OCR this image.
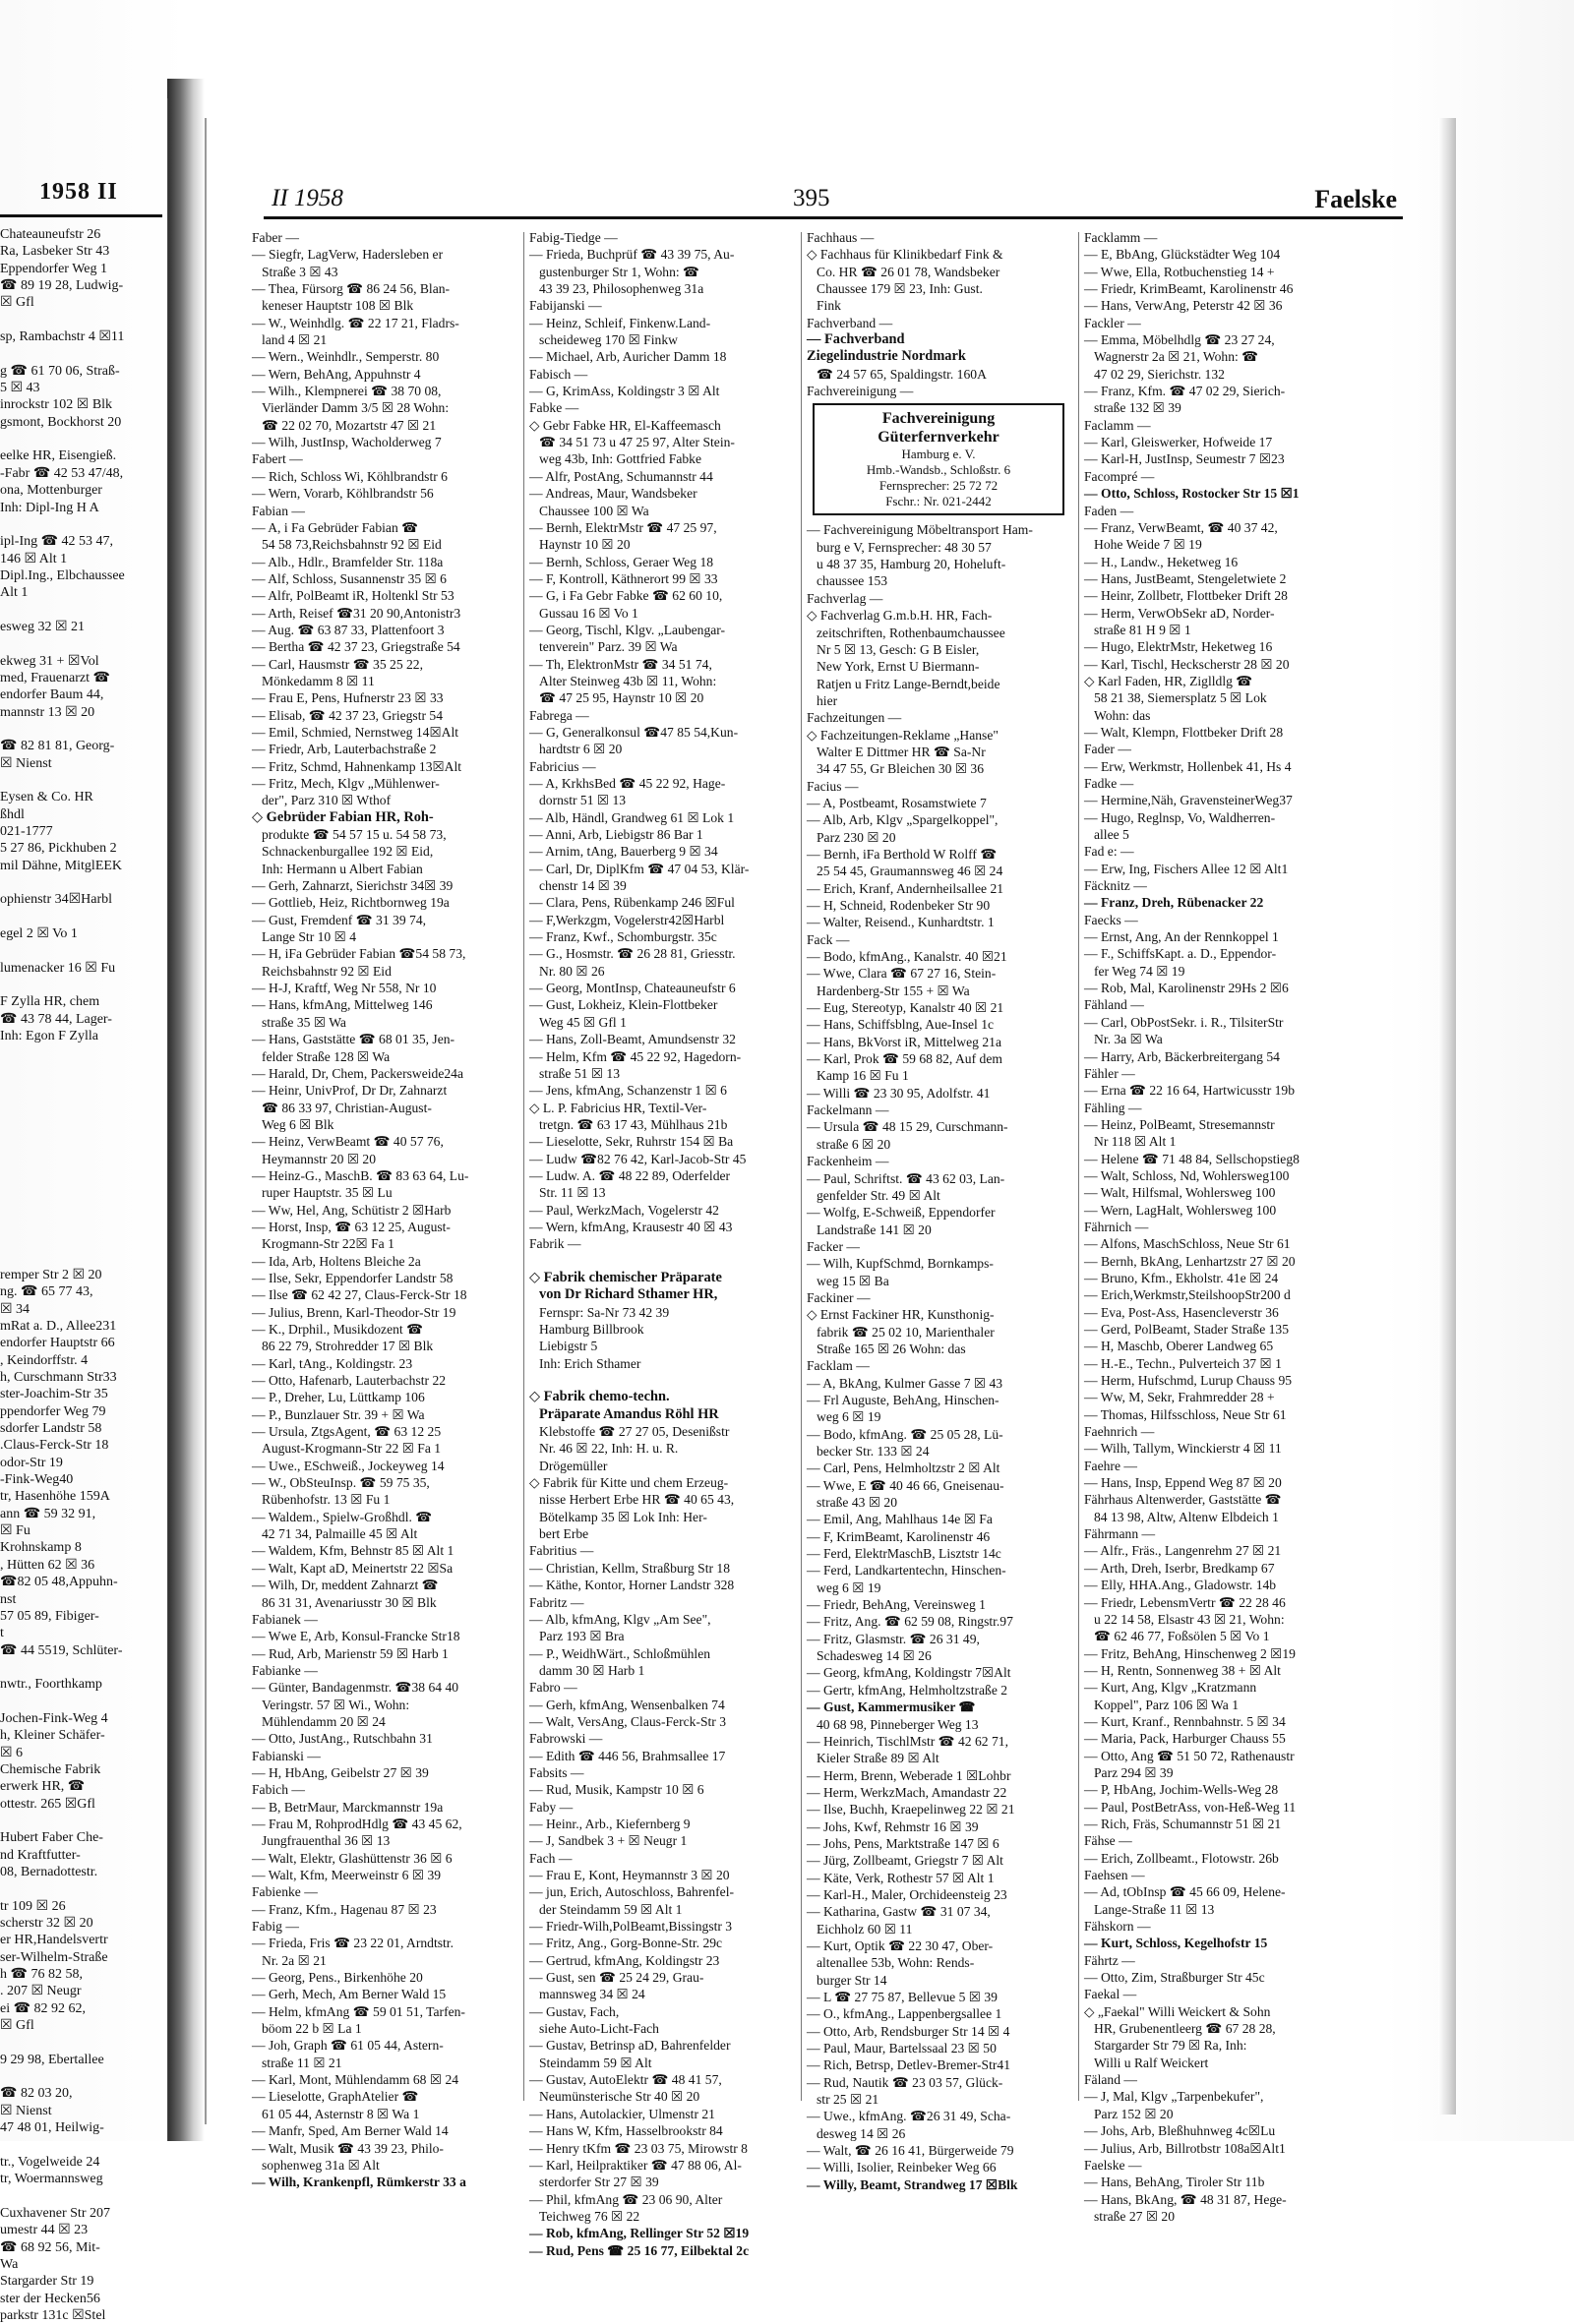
1958 II
Chateauneufstr 26
Ra, Lasbeker Str 43
Eppendorfer Weg 1
☎ 89 19 28, Ludwig-
☒ Gfl
sp, Rambachstr 4 ☒11
g ☎ 61 70 06, Straß-
5 ☒ 43
inrockstr 102 ☒ Blk
gsmont, Bockhorst 20
eelke HR, Eisengieß.
-Fabr ☎ 42 53 47/48,
ona, Mottenburger
Inh: Dipl-Ing H A
ipl-Ing ☎ 42 53 47,
146 ☒ Alt 1
Dipl.Ing., Elbchaussee
Alt 1
esweg 32 ☒ 21
ekweg 31 + ☒Vol
med, Frauenarzt ☎
endorfer Baum 44,
mannstr 13 ☒ 20
☎ 82 81 81, Georg-
☒ Nienst
Eysen & Co. HR
ßhdl
021-1777
5 27 86, Pickhuben 2
mil Dähne, MitglEEK
ophienstr 34☒Harbl
egel 2 ☒ Vo 1
lumenacker 16 ☒ Fu
F Zylla HR, chem
☎ 43 78 44, Lager-
Inh: Egon F Zylla
remper Str 2 ☒ 20
ng. ☎ 65 77 43,
☒ 34
mRat a. D., Allee231
endorfer Hauptstr 66
, Keindorffstr. 4
h, Curschmann Str33
ster-Joachim-Str 35
ppendorfer Weg 79
sdorfer Landstr 58
.Claus-Ferck-Str 18
odor-Str 19
-Fink-Weg40
tr, Hasenhöhe 159A
ann ☎ 59 32 91,
☒ Fu
Krohnskamp 8
, Hütten 62 ☒ 36
☎82 05 48,Appuhn-
nst
57 05 89, Fibiger-
t
☎ 44 5519, Schlüter-
nwtr., Foorthkamp
Jochen-Fink-Weg 4
h, Kleiner Schäfer-
☒ 6
Chemische Fabrik
erwerk HR, ☎
ottestr. 265 ☒Gfl
Hubert Faber Che-
nd Kraftfutter-
08, Bernadottestr.
tr 109 ☒ 26
scherstr 32 ☒ 20
er HR,Handelsvertr
ser-Wilhelm-Straße
h ☎ 76 82 58,
. 207 ☒ Neugr
ei ☎ 82 92 62,
☒ Gfl
9 29 98, Ebertallee
☎ 82 03 20,
☒ Nienst
47 48 01, Heilwig-
tr., Vogelweide 24
tr, Woermannsweg
Cuxhavener Str 207
umestr 44 ☒ 23
☎ 68 92 56, Mit-
Wa
Stargarder Str 19
ster der Hecken56
parkstr 131c ☒Stel
II 1958	395	Faelske
Faber —
— Siegfr, LagVerw, Hadersleben er
Straße 3 ☒ 43
— Thea, Fürsorg ☎ 86 24 56, Blan-
keneser Hauptstr 108 ☒ Blk
— W., Weinhdlg. ☎ 22 17 21, Fladrs-
land 4 ☒ 21
— Wern., Weinhdlr., Semperstr. 80
— Wern, BehAng, Appuhnstr 4
— Wilh., Klempnerei ☎ 38 70 08,
Vierländer Damm 3/5 ☒ 28 Wohn:
☎ 22 02 70, Mozartstr 47 ☒ 21
— Wilh, JustInsp, Wacholderweg 7
Fabert —
— Rich, Schloss Wi, Köhlbrandstr 6
— Wern, Vorarb, Köhlbrandstr 56
Fabian —
— A, i Fa Gebrüder Fabian ☎
54 58 73,Reichsbahnstr 92 ☒ Eid
— Alb., Hdlr., Bramfelder Str. 118a
— Alf, Schloss, Susannenstr 35 ☒ 6
— Alfr, PolBeamt iR, Holtenkl Str 53
— Arth, Reisef ☎31 20 90,Antonistr3
— Aug. ☎ 63 87 33, Plattenfoort 3
— Bertha ☎ 42 37 23, Griegstraße 54
— Carl, Hausmstr ☎ 35 25 22,
Mönkedamm 8 ☒ 11
— Frau E, Pens, Hufnerstr 23 ☒ 33
— Elisab, ☎ 42 37 23, Griegstr 54
— Emil, Schmied, Nernstweg 14☒Alt
— Friedr, Arb, Lauterbachstraße 2
— Fritz, Schmd, Hahnenkamp 13☒Alt
— Fritz, Mech, Klgv „Mühlenwer-
der", Parz 310 ☒ Wthof
◇ Gebrüder Fabian HR, Roh-
produkte ☎ 54 57 15 u. 54 58 73,
Schnackenburgallee 192 ☒ Eid,
Inh: Hermann u Albert Fabian
— Gerh, Zahnarzt, Sierichstr 34☒ 39
— Gottlieb, Heiz, Richtbornweg 19a
— Gust, Fremdenf ☎ 31 39 74,
Lange Str 10 ☒ 4
— H, iFa Gebrüder Fabian ☎54 58 73,
Reichsbahnstr 92 ☒ Eid
— H-J, Kraftf, Weg Nr 558, Nr 10
— Hans, kfmAng, Mittelweg 146
straße 35 ☒ Wa
— Hans, Gaststätte ☎ 68 01 35, Jen-
felder Straße 128 ☒ Wa
— Harald, Dr, Chem, Packersweide24a
— Heinr, UnivProf, Dr Dr, Zahnarzt
☎ 86 33 97, Christian-August-
Weg 6 ☒ Blk
— Heinz, VerwBeamt ☎ 40 57 76,
Heymannstr 20 ☒ 20
— Heinz-G., MaschB. ☎ 83 63 64, Lu-
ruper Hauptstr. 35 ☒ Lu
— Ww, Hel, Ang, Schütistr 2 ☒Harb
— Horst, Insp, ☎ 63 12 25, August-
Krogmann-Str 22☒ Fa 1
— Ida, Arb, Holtens Bleiche 2a
— Ilse, Sekr, Eppendorfer Landstr 58
— Ilse ☎ 62 42 27, Claus-Ferck-Str 18
— Julius, Brenn, Karl-Theodor-Str 19
— K., Drphil., Musikdozent ☎
86 22 79, Strohredder 17 ☒ Blk
— Karl, tAng., Koldingstr. 23
— Otto, Hafenarb, Lauterbachstr 22
— P., Dreher, Lu, Lüttkamp 106
— P., Bunzlauer Str. 39 + ☒ Wa
— Ursula, ZtgsAgent, ☎ 63 12 25
August-Krogmann-Str 22 ☒ Fa 1
— Uwe., ESchweiß., Jockeyweg 14
— W., ObSteuInsp. ☎ 59 75 35,
Rübenhofstr. 13 ☒ Fu 1
— Waldem., Spielw-Großhdl. ☎
42 71 34, Palmaille 45 ☒ Alt
— Waldem, Kfm, Behnstr 85 ☒ Alt 1
— Walt, Kapt aD, Meinertstr 22 ☒Sa
— Wilh, Dr, meddent Zahnarzt ☎
86 31 31, Avenariusstr 30 ☒ Blk
Fabianek —
— Wwe E, Arb, Konsul-Francke Str18
— Rud, Arb, Marienstr 59 ☒ Harb 1
Fabianke —
— Günter, Bandagenmstr. ☎38 64 40
Veringstr. 57 ☒ Wi., Wohn:
Mühlendamm 20 ☒ 24
— Otto, JustAng., Rutschbahn 31
Fabianski —
— H, HbAng, Geibelstr 27 ☒ 39
Fabich —
— B, BetrMaur, Marckmannstr 19a
— Frau M, RohprodHdlg ☎ 43 45 62,
Jungfrauenthal 36 ☒ 13
— Walt, Elektr, Glashüttenstr 36 ☒ 6
— Walt, Kfm, Meerweinstr 6 ☒ 39
Fabienke —
— Franz, Kfm., Hagenau 87 ☒ 23
Fabig —
— Frieda, Fris ☎ 23 22 01, Arndtstr.
Nr. 2a ☒ 21
— Georg, Pens., Birkenhöhe 20
— Gerh, Mech, Am Berner Wald 15
— Helm, kfmAng ☎ 59 01 51, Tarfen-
böom 22 b ☒ La 1
— Joh, Graph ☎ 61 05 44, Astern-
straße 11 ☒ 21
— Karl, Mont, Mühlendamm 68 ☒ 24
— Lieselotte, GraphAtelier ☎
61 05 44, Asternstr 8 ☒ Wa 1
— Manfr, Sped, Am Berner Wald 14
— Walt, Musik ☎ 43 39 23, Philo-
sophenweg 31a ☒ Alt
— Wilh, Krankenpfl, Rümkerstr 33 a
Fabig-Tiedge —
— Frieda, Buchprüf ☎ 43 39 75, Au-
gustenburger Str 1, Wohn: ☎
43 39 23, Philosophenweg 31a
Fabijanski —
— Heinz, Schleif, Finkenw.Land-
scheideweg 170 ☒ Finkw
— Michael, Arb, Auricher Damm 18
Fabisch —
— G, KrimAss, Koldingstr 3 ☒ Alt
Fabke —
◇ Gebr Fabke HR, El-Kaffeemasch
☎ 34 51 73 u 47 25 97, Alter Stein-
weg 43b, Inh: Gottfried Fabke
— Alfr, PostAng, Schumannstr 44
— Andreas, Maur, Wandsbeker
Chaussee 100 ☒ Wa
— Bernh, ElektrMstr ☎ 47 25 97,
Haynstr 10 ☒ 20
— Bernh, Schloss, Geraer Weg 18
— F, Kontroll, Käthnerort 99 ☒ 33
— G, i Fa Gebr Fabke ☎ 62 60 10,
Gussau 16 ☒ Vo 1
— Georg, Tischl, Klgv. „Laubengar-
tenverein" Parz. 39 ☒ Wa
— Th, ElektronMstr ☎ 34 51 74,
Alter Steinweg 43b ☒ 11, Wohn:
☎ 47 25 95, Haynstr 10 ☒ 20
Fabrega —
— G, Generalkonsul ☎47 85 54,Kun-
hardtstr 6 ☒ 20
Fabricius —
— A, KrkhsBed ☎ 45 22 92, Hage-
dornstr 51 ☒ 13
— Alb, Händl, Grandweg 61 ☒ Lok 1
— Anni, Arb, Liebigstr 86 Bar 1
— Arnim, tAng, Bauerberg 9 ☒ 34
— Carl, Dr, DiplKfm ☎ 47 04 53, Klär-
chenstr 14 ☒ 39
— Clara, Pens, Rübenkamp 246 ☒Ful
— F,Werkzgm, Vogelerstr42☒Harbl
— Franz, Kwf., Schomburgstr. 35c
— G., Hosmstr. ☎ 26 28 81, Griesstr.
Nr. 80 ☒ 26
— Georg, MontInsp, Chateauneufstr 6
— Gust, Lokheiz, Klein-Flottbeker
Weg 45 ☒ Gfl 1
— Hans, Zoll-Beamt, Amundsenstr 32
— Helm, Kfm ☎ 45 22 92, Hagedorn-
straße 51 ☒ 13
— Jens, kfmAng, Schanzenstr 1 ☒ 6
◇ L. P. Fabricius HR, Textil-Ver-
tretgn. ☎ 63 17 43, Mühlhaus 21b
— Lieselotte, Sekr, Ruhrstr 154 ☒ Ba
— Ludw ☎82 76 42, Karl-Jacob-Str 45
— Ludw. A. ☎ 48 22 89, Oderfelder
Str. 11 ☒ 13
— Paul, WerkzMach, Vogelerstr 42
— Wern, kfmAng, Krausestr 40 ☒ 43
Fabrik —
◇ Fabrik chemischer Präparate
von Dr Richard Sthamer HR,
Fernspr: Sa-Nr 73 42 39
Hamburg Billbrook
Liebigstr 5
Inh: Erich Sthamer
◇ Fabrik chemo-techn.
Präparate Amandus Röhl HR
Klebstoffe ☎ 27 27 05, Desenißstr
Nr. 46 ☒ 22, Inh: H. u. R.
Drögemüller
◇ Fabrik für Kitte und chem Erzeug-
nisse Herbert Erbe HR ☎ 40 65 43,
Bötelkamp 35 ☒ Lok Inh: Her-
bert Erbe
Fabritius —
— Christian, Kellm, Straßburg Str 18
— Käthe, Kontor, Horner Landstr 328
Fabritz —
— Alb, kfmAng, Klgv „Am See",
Parz 193 ☒ Bra
— P., WeidhWärt., Schloßmühlen
damm 30 ☒ Harb 1
Fabro —
— Gerh, kfmAng, Wensenbalken 74
— Walt, VersAng, Claus-Ferck-Str 3
Fabrowski —
— Edith ☎ 446 56, Brahmsallee 17
Fabsits —
— Rud, Musik, Kampstr 10 ☒ 6
Faby —
— Heinr., Arb., Kiefernberg 9
— J, Sandbek 3 + ☒ Neugr 1
Fach —
— Frau E, Kont, Heymannstr 3 ☒ 20
— jun, Erich, Autoschloss, Bahrenfel-
der Steindamm 59 ☒ Alt 1
— Friedr-Wilh,PolBeamt,Bissingstr 3
— Fritz, Ang., Gorg-Bonne-Str. 29c
— Gertrud, kfmAng, Koldingstr 23
— Gust, sen ☎ 25 24 29, Grau-
mannsweg 34 ☒ 24
— Gustav, Fach,
siehe Auto-Licht-Fach
— Gustav, Betrinsp aD, Bahrenfelder
Steindamm 59 ☒ Alt
— Gustav, AutoElektr ☎ 48 41 57,
Neumünsterische Str 40 ☒ 20
— Hans, Autolackier, Ulmenstr 21
— Hans W, Kfm, Hasselbrookstr 84
— Henry tKfm ☎ 23 03 75, Mirowstr 8
— Karl, Heilpraktiker ☎ 47 88 06, Al-
sterdorfer Str 27 ☒ 39
— Phil, kfmAng ☎ 23 06 90, Alter
Teichweg 76 ☒ 22
— Rob, kfmAng, Rellinger Str 52 ☒19
— Rud, Pens ☎ 25 16 77, Eilbektal 2c
Fachhaus —
◇ Fachhaus für Klinikbedarf Fink &
Co. HR ☎ 26 01 78, Wandsbeker
Chaussee 179 ☒ 23, Inh: Gust.
Fink
Fachverband —
— Fachverband
Ziegelindustrie Nordmark
☎ 24 57 65, Spaldingstr. 160A
Fachvereinigung —
Fachvereinigung
Güterfernverkehr
Hamburg e. V.
Hmb.-Wandsb., Schloßstr. 6
Fernsprecher: 25 72 72
Fschr.: Nr. 021-2442
— Fachvereinigung Möbeltransport Ham-
burg e V, Fernsprecher: 48 30 57
u 48 37 35, Hamburg 20, Hoheluft-
chaussee 153
Fachverlag —
◇ Fachverlag G.m.b.H. HR, Fach-
zeitschriften, Rothenbaumchaussee
Nr 5 ☒ 13, Gesch: G B Eisler,
New York, Ernst U Biermann-
Ratjen u Fritz Lange-Berndt,beide
hier
Fachzeitungen —
◇ Fachzeitungen-Reklame „Hanse"
Walter E Dittmer HR ☎ Sa-Nr
34 47 55, Gr Bleichen 30 ☒ 36
Facius —
— A, Postbeamt, Rosamstwiete 7
— Alb, Arb, Klgv „Spargelkoppel",
Parz 230 ☒ 20
— Bernh, iFa Berthold W Rolff ☎
25 54 45, Graumannsweg 46 ☒ 24
— Erich, Kranf, Andernheilsallee 21
— H, Schneid, Rodenbeker Str 90
— Walter, Reisend., Kunhardtstr. 1
Fack —
— Bodo, kfmAng., Kanalstr. 40 ☒21
— Wwe, Clara ☎ 67 27 16, Stein-
Hardenberg-Str 155 + ☒ Wa
— Eug, Stereotyp, Kanalstr 40 ☒ 21
— Hans, Schiffsblng, Aue-Insel 1c
— Hans, BkVorst iR, Mittelweg 21a
— Karl, Prok ☎ 59 68 82, Auf dem
Kamp 16 ☒ Fu 1
— Willi ☎ 23 30 95, Adolfstr. 41
Fackelmann —
— Ursula ☎ 48 15 29, Curschmann-
straße 6 ☒ 20
Fackenheim —
— Paul, Schriftst. ☎ 43 62 03, Lan-
genfelder Str. 49 ☒ Alt
— Wolfg, E-Schweiß, Eppendorfer
Landstraße 141 ☒ 20
Facker —
— Wilh, KupfSchmd, Bornkamps-
weg 15 ☒ Ba
Fackiner —
◇ Ernst Fackiner HR, Kunsthonig-
fabrik ☎ 25 02 10, Marienthaler
Straße 165 ☒ 26 Wohn: das
Facklam —
— A, BkAng, Kulmer Gasse 7 ☒ 43
— Frl Auguste, BehAng, Hinschen-
weg 6 ☒ 19
— Bodo, kfmAng. ☎ 25 05 28, Lü-
becker Str. 133 ☒ 24
— Carl, Pens, Helmholtzstr 2 ☒ Alt
— Wwe, E ☎ 40 46 66, Gneisenau-
straße 43 ☒ 20
— Emil, Ang, Mahlhaus 14e ☒ Fa
— F, KrimBeamt, Karolinenstr 46
— Ferd, ElektrMaschB, Lisztstr 14c
— Ferd, Landkartentechn, Hinschen-
weg 6 ☒ 19
— Friedr, BehAng, Vereinsweg 1
— Fritz, Ang. ☎ 62 59 08, Ringstr.97
— Fritz, Glasmstr. ☎ 26 31 49,
Schadesweg 14 ☒ 26
— Georg, kfmAng, Koldingstr 7☒Alt
— Gertr, kfmAng, Helmholtzstraße 2
— Gust, Kammermusiker ☎
40 68 98, Pinneberger Weg 13
— Heinrich, TischlMstr ☎ 42 62 71,
Kieler Straße 89 ☒ Alt
— Herm, Brenn, Weberade 1 ☒Lohbr
— Herm, WerkzMach, Amandastr 22
— Ilse, Buchh, Kraepelinweg 22 ☒ 21
— Johs, Kwf, Rehmstr 16 ☒ 39
— Johs, Pens, Marktstraße 147 ☒ 6
— Jürg, Zollbeamt, Griegstr 7 ☒ Alt
— Käte, Verk, Rothestr 57 ☒ Alt 1
— Karl-H., Maler, Orchideensteig 23
— Katharina, Gastw ☎ 31 07 34,
Eichholz 60 ☒ 11
— Kurt, Optik ☎ 22 30 47, Ober-
altenallee 53b, Wohn: Rends-
burger Str 14
— L ☎ 27 75 87, Bellevue 5 ☒ 39
— O., kfmAng., Lappenbergsallee 1
— Otto, Arb, Rendsburger Str 14 ☒ 4
— Paul, Maur, Bartelssaal 23 ☒ 50
— Rich, Betrsp, Detlev-Bremer-Str41
— Rud, Nautik ☎ 23 03 57, Glück-
str 25 ☒ 21
— Uwe., kfmAng. ☎26 31 49, Scha-
desweg 14 ☒ 26
— Walt, ☎ 26 16 41, Bürgerweide 79
— Willi, Isolier, Reinbeker Weg 66
— Willy, Beamt, Strandweg 17 ☒Blk
Facklamm —
— E, BbAng, Glückstädter Weg 104
— Wwe, Ella, Rotbuchenstieg 14 +
— Friedr, KrimBeamt, Karolinenstr 46
— Hans, VerwAng, Peterstr 42 ☒ 36
Fackler —
— Emma, Möbelhdlg ☎ 23 27 24,
Wagnerstr 2a ☒ 21, Wohn: ☎
47 02 29, Sierichstr. 132
— Franz, Kfm. ☎ 47 02 29, Sierich-
straße 132 ☒ 39
Faclamm —
— Karl, Gleiswerker, Hofweide 17
— Karl-H, JustInsp, Seumestr 7 ☒23
Facompré —
— Otto, Schloss, Rostocker Str 15 ☒1
Faden —
— Franz, VerwBeamt, ☎ 40 37 42,
Hohe Weide 7 ☒ 19
— H., Landw., Heketweg 16
— Hans, JustBeamt, Stengeletwiete 2
— Heinr, Zollbetr, Flottbeker Drift 28
— Herm, VerwObSekr aD, Norder-
straße 81 H 9 ☒ 1
— Hugo, ElektrMstr, Heketweg 16
— Karl, Tischl, Heckscherstr 28 ☒ 20
◇ Karl Faden, HR, Ziglldlg ☎
58 21 38, Siemersplatz 5 ☒ Lok
Wohn: das
— Walt, Klempn, Flottbeker Drift 28
Fader —
— Erw, Werkmstr, Hollenbek 41, Hs 4
Fadke —
— Hermine,Näh, GravensteinerWeg37
— Hugo, Reglnsp, Vo, Waldherren-
allee 5
Fad e: —
— Erw, Ing, Fischers Allee 12 ☒ Alt1
Fäcknitz —
— Franz, Dreh, Rübenacker 22
Faecks —
— Ernst, Ang, An der Rennkoppel 1
— F., SchiffsKapt. a. D., Eppendor-
fer Weg 74 ☒ 19
— Rob, Mal, Karolinenstr 29Hs 2 ☒6
Fähland —
— Carl, ObPostSekr. i. R., TilsiterStr
Nr. 3a ☒ Wa
— Harry, Arb, Bäckerbreitergang 54
Fähler —
— Erna ☎ 22 16 64, Hartwicusstr 19b
Fähling —
— Heinz, PolBeamt, Stresemannstr
Nr 118 ☒ Alt 1
— Helene ☎ 71 48 84, Sellschopstieg8
— Walt, Schloss, Nd, Wohlersweg100
— Walt, Hilfsmal, Wohlersweg 100
— Wern, LagHalt, Wohlersweg 100
Fährnich —
— Alfons, MaschSchloss, Neue Str 61
— Bernh, BkAng, Lenhartzstr 27 ☒ 20
— Bruno, Kfm., Ekholstr. 41e ☒ 24
— Erich,Werkmstr,SteilshoopStr200 d
— Eva, Post-Ass, Hasencleverstr 36
— Gerd, PolBeamt, Stader Straße 135
— H, Maschb, Oberer Landweg 65
— H.-E., Techn., Pulverteich 37 ☒ 1
— Herm, Hufschmd, Lurup Chauss 95
— Ww, M, Sekr, Frahmredder 28 +
— Thomas, Hilfsschloss, Neue Str 61
Faehnrich —
— Wilh, Tallym, Winckierstr 4 ☒ 11
Faehre —
— Hans, Insp, Eppend Weg 87 ☒ 20
Fährhaus Altenwerder, Gaststätte ☎
84 13 98, Altw, Altenw Elbdeich 1
Fährmann —
— Alfr., Fräs., Langenrehm 27 ☒ 21
— Arth, Dreh, Iserbr, Bredkamp 67
— Elly, HHA.Ang., Gladowstr. 14b
— Friedr, LebensmVertr ☎ 22 28 46
u 22 14 58, Elsastr 43 ☒ 21, Wohn:
☎ 62 46 77, Foßsölen 5 ☒ Vo 1
— Fritz, BehAng, Hinschenweg 2 ☒19
— H, Rentn, Sonnenweg 38 + ☒ Alt
— Kurt, Ang, Klgv „Kratzmann
Koppel", Parz 106 ☒ Wa 1
— Kurt, Kranf., Rennbahnstr. 5 ☒ 34
— Maria, Pack, Harburger Chauss 55
— Otto, Ang ☎ 51 50 72, Rathenaustr
Parz 294 ☒ 39
— P, HbAng, Jochim-Wells-Weg 28
— Paul, PostBetrAss, von-Heß-Weg 11
— Rich, Fräs, Schumannstr 51 ☒ 21
Fähse —
— Erich, Zollbeamt., Flotowstr. 26b
Faehsen —
— Ad, tObInsp ☎ 45 66 09, Helene-
Lange-Straße 11 ☒ 13
Fähskorn —
— Kurt, Schloss, Kegelhofstr 15
Fährtz —
— Otto, Zim, Straßburger Str 45c
Faekal —
◇ „Faekal" Willi Weickert & Sohn
HR, Grubenentleerg ☎ 67 28 28,
Stargarder Str 79 ☒ Ra, Inh:
Willi u Ralf Weickert
Fäland —
— J, Mal, Klgv „Tarpenbekufer",
Parz 152 ☒ 20
— Johs, Arb, Bleßhuhnweg 4c☒Lu
— Julius, Arb, Billrotbstr 108a☒Alt1
Faelske —
— Hans, BehAng, Tiroler Str 11b
— Hans, BkAng, ☎ 48 31 87, Hege-
straße 27 ☒ 20
